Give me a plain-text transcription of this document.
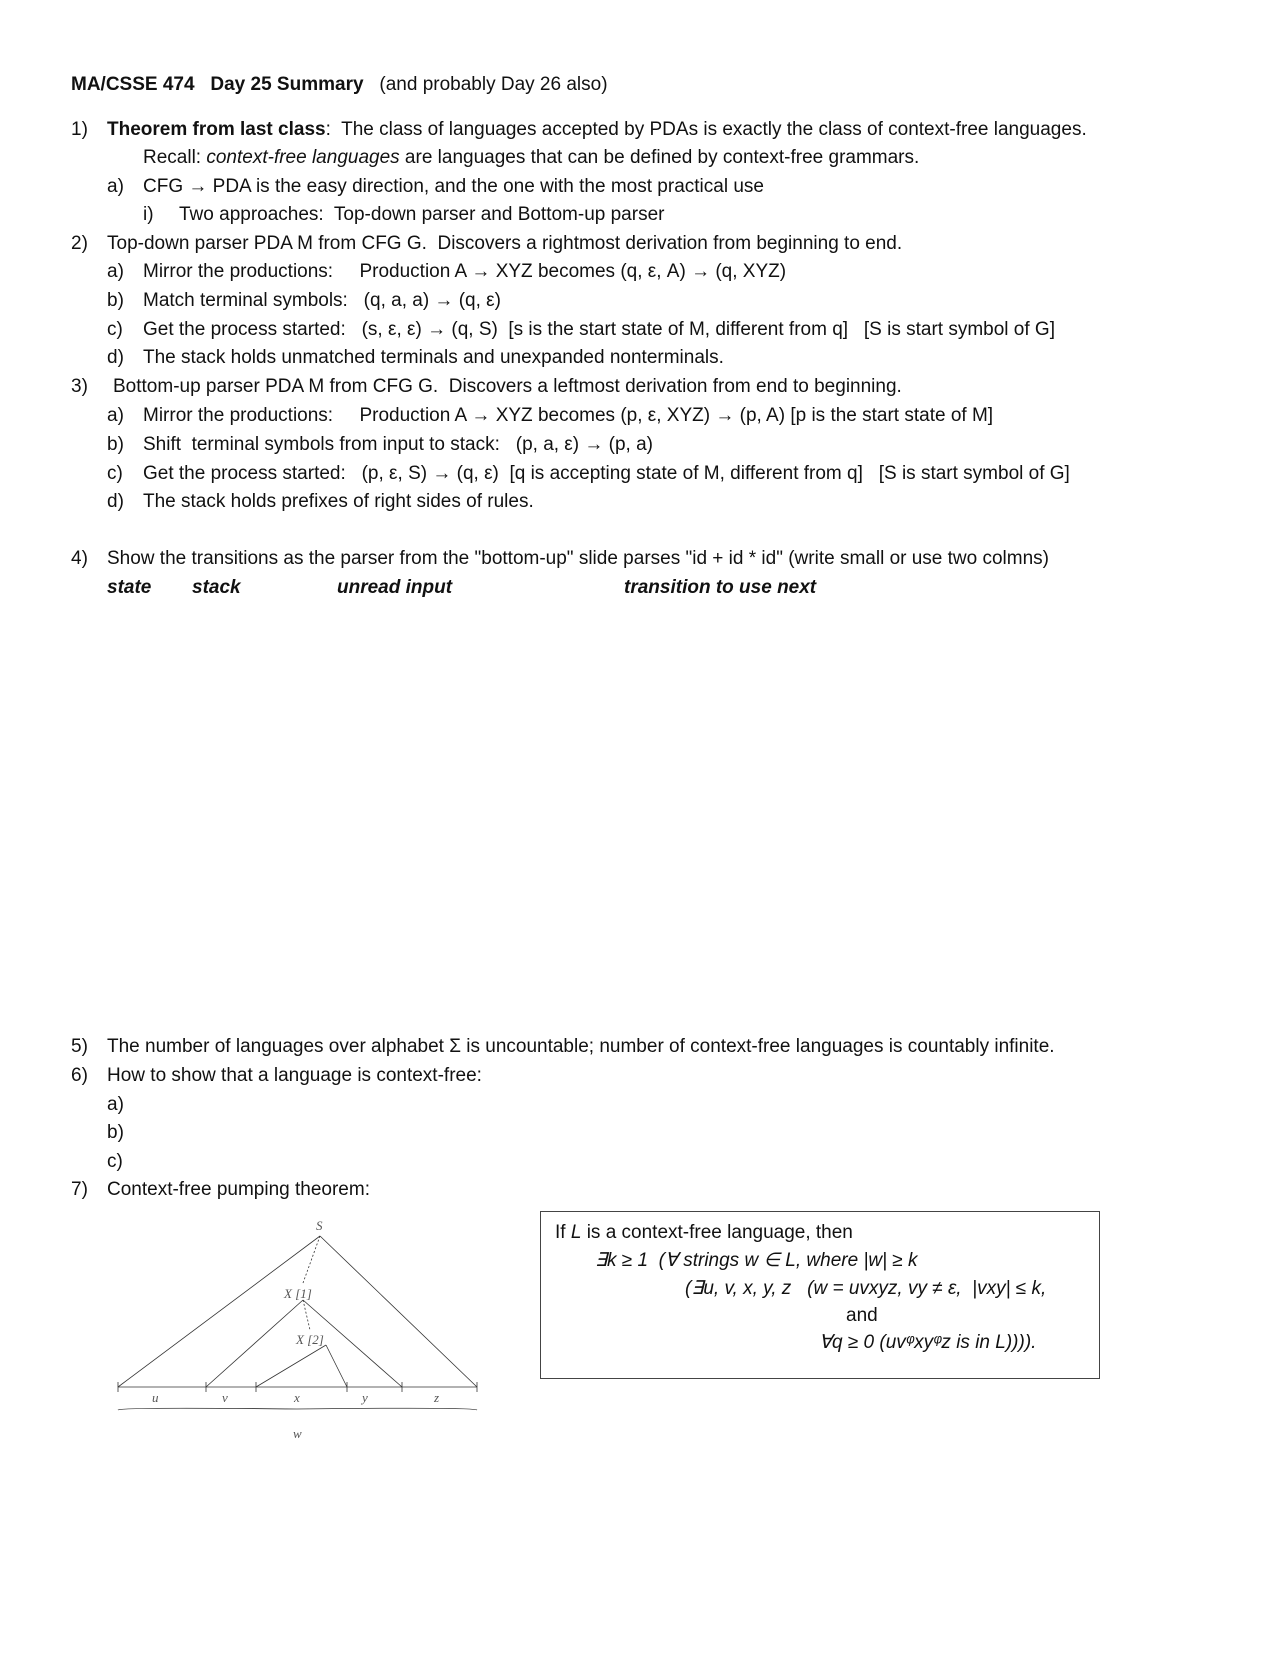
MA/CSSE 474 Day 25 Summary (and probably Day 26 also)
1) Theorem from last class:  The class of languages accepted by PDAs is exactly the class of context-free languages.
Recall: context-free languages are languages that can be defined by context-free grammars.
a) CFG → PDA is the easy direction, and the one with the most practical use
i) Two approaches:  Top-down parser and Bottom-up parser
2) Top-down parser PDA M from CFG G.  Discovers a rightmost derivation from beginning to end.
a) Mirror the productions:     Production A → XYZ becomes (q, ε, A) → (q, XYZ)
b) Match terminal symbols:   (q, a, a) → (q, ε)
c) Get the process started:   (s, ε, ε) → (q, S)  [s is the start state of M, different from q]   [S is start symbol of G]
d) The stack holds unmatched terminals and unexpanded nonterminals.
3) Bottom-up parser PDA M from CFG G.  Discovers a leftmost derivation from end to beginning.
a) Mirror the productions:     Production A → XYZ becomes (p, ε, XYZ) → (p, A) [p is the start state of M]
b) Shift  terminal symbols from input to stack:   (p, a, ε) → (p, a)
c) Get the process started:   (p, ε, S) → (q, ε)  [q is accepting state of M, different from q]   [S is start symbol of G]
d) The stack holds prefixes of right sides of rules.
4) Show the transitions as the parser from the "bottom-up" slide parses "id + id * id" (write small or use two colmns)
state stack	unread input	transition to use next
5) The number of languages over alphabet Σ is uncountable; number of context-free languages is countably infinite.
6) How to show that a language is context-free:
a)
b)
c)
7) Context-free pumping theorem:
S
X [1]
X [2]
u	v	x	y	z
w
If L is a context-free language, then
∃k ≥ 1  (∀ strings w ∈ L, where |w| ≥ k
(∃u, v, x, y, z   (w = uvxyz, vy ≠ ε,  |vxy| ≤ k,
and
∀q ≥ 0 (uvᵠxyᵠz is in L)))).
